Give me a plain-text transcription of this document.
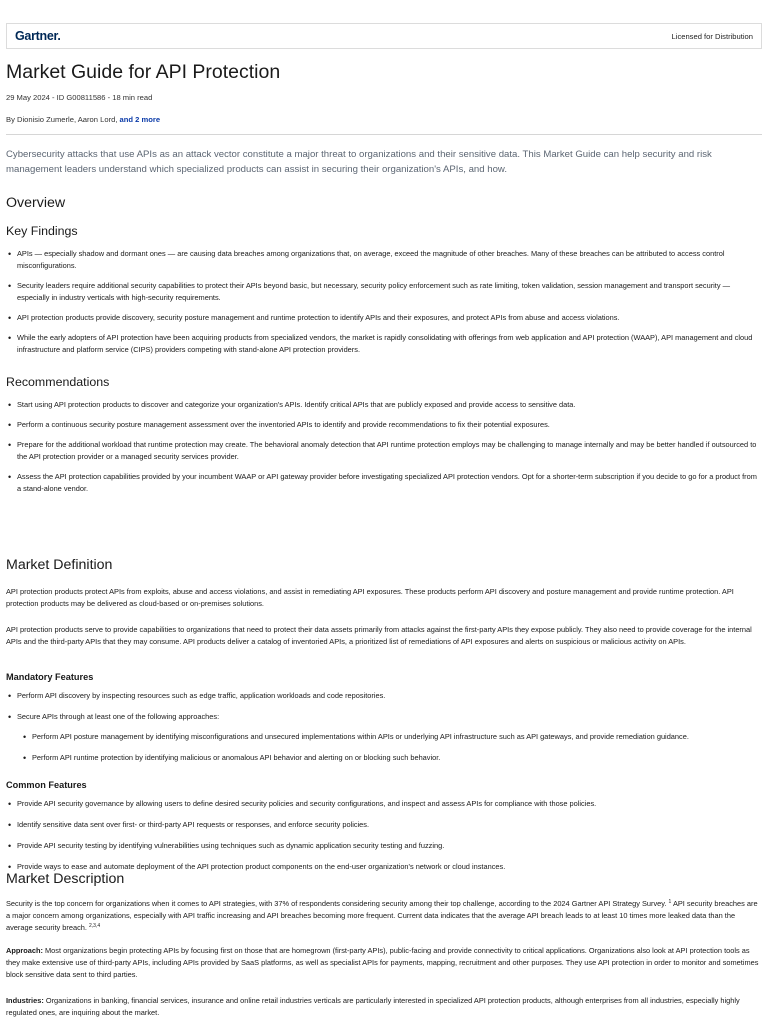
Gartner.	Licensed for Distribution
Market Guide for API Protection
29 May 2024 - ID G00811586 - 18 min read
By Dionisio Zumerle, Aaron Lord, and 2 more

Cybersecurity attacks that use APIs as an attack vector constitute a major threat to organizations and their sensitive data. This Market Guide can help security and risk management leaders understand which specialized products can assist in securing their organization's APIs, and how.

Overview
Key Findings
• APIs — especially shadow and dormant ones — are causing data breaches among organizations that, on average, exceed the magnitude of other breaches. Many of these breaches can be attributed to access control misconfigurations.
• Security leaders require additional security capabilities to protect their APIs beyond basic, but necessary, security policy enforcement such as rate limiting, token validation, session management and transport security — especially in industry verticals with high-security requirements.
• API protection products provide discovery, security posture management and runtime protection to identify APIs and their exposures, and protect APIs from abuse and access violations.
• While the early adopters of API protection have been acquiring products from specialized vendors, the market is rapidly consolidating with offerings from web application and API protection (WAAP), API management and cloud infrastructure and platform service (CIPS) providers competing with stand-alone API protection providers.
Recommendations
• Start using API protection products to discover and categorize your organization's APIs. Identify critical APIs that are publicly exposed and provide access to sensitive data.
• Perform a continuous security posture management assessment over the inventoried APIs to identify and provide recommendations to fix their potential exposures.
• Prepare for the additional workload that runtime protection may create. The behavioral anomaly detection that API runtime protection employs may be challenging to manage internally and may be better handled if outsourced to the API protection provider or a managed security services provider.
• Assess the API protection capabilities provided by your incumbent WAAP or API gateway provider before investigating specialized API protection vendors. Opt for a shorter-term subscription if you decide to go for a product from a stand-alone vendor.
Market Definition

API protection products protect APIs from exploits, abuse and access violations, and assist in remediating API exposures. These products perform API discovery and posture management and provide runtime protection. API protection products may be delivered as cloud-based or on-premises solutions.

API protection products serve to provide capabilities to organizations that need to protect their data assets primarily from attacks against the first-party APIs they expose publicly. They also need to provide coverage for the internal APIs and the third-party APIs that they may consume. API products deliver a catalog of inventoried APIs, a prioritized list of remediations of API exposures and alerts on suspicious or malicious activity on APIs.

Mandatory Features
• Perform API discovery by inspecting resources such as edge traffic, application workloads and code repositories.
• Secure APIs through at least one of the following approaches:
• Perform API posture management by identifying misconfigurations and unsecured implementations within APIs or underlying API infrastructure such as API gateways, and provide remediation guidance.
• Perform API runtime protection by identifying malicious or anomalous API behavior and alerting on or blocking such behavior.
Common Features
• Provide API security governance by allowing users to define desired security policies and security configurations, and inspect and assess APIs for compliance with those policies.
• Identify sensitive data sent over first- or third-party API requests or responses, and enforce security policies.
• Provide API security testing by identifying vulnerabilities using techniques such as dynamic application security testing and fuzzing.
• Provide ways to ease and automate deployment of the API protection product components on the end-user organization's network or cloud instances.
Market Description

Security is the top concern for organizations when it comes to API strategies, with 37% of respondents considering security among their top challenge, according to the 2024 Gartner API Strategy Survey. $^1$ API security breaches are a major concern among organizations, especially with API traffic increasing and API breaches becoming more frequent. Current data indicates that the average API breach leads to at least 10 times more leaked data than the average security breach. $^{2,3,4}$

Approach: Most organizations begin protecting APIs by focusing first on those that are homegrown (first-party APIs), public-facing and provide connectivity to critical applications. Organizations also look at API protection tools as they make extensive use of third-party APIs, including APIs provided by SaaS platforms, as well as specialist APIs for payments, mapping, recruitment and other purposes. They use API protection in order to monitor and sometimes block sensitive data sent to third parties.

Industries: Organizations in banking, financial services, insurance and online retail industries verticals are particularly interested in specialized API protection products, although enterprises from all industries, especially highly regulated ones, are inquiring about the market.
